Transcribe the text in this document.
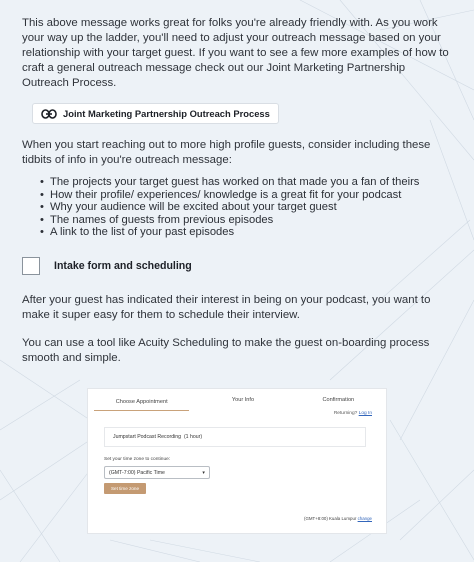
This above message works great for folks you're already friendly with. As you work your way up the ladder, you'll need to adjust your outreach message based on your relationship with your target guest. If you want to see a few more examples of how to craft a general outreach message check out our Joint Marketing Partnership Outreach Process.

Joint Marketing Partnership Outreach Process

When you start reaching out to more high profile guests, consider including these tidbits of info in you're outreach message:

• The projects your target guest has worked on that made you a fan of theirs
• How their profile/ experiences/ knowledge is a great fit for your podcast
• Why your audience will be excited about your target guest
• The names of guests from previous episodes
• A link to the list of your past episodes
Intake form and scheduling

After your guest has indicated their interest in being on your podcast, you want to make it super easy for them to schedule their interview.

You can use a tool like Acuity Scheduling to make the guest on-boarding process smooth and simple.

Choose Appointment	Your Info	Confirmation
Returning? Log In
Jumpstart Podcast Recording
(1 hour)
Set your time zone to continue:
(GMT-7:00) Pacific Time	▾
Set time zone
(GMT+8:00) Kuala Lumpur change
